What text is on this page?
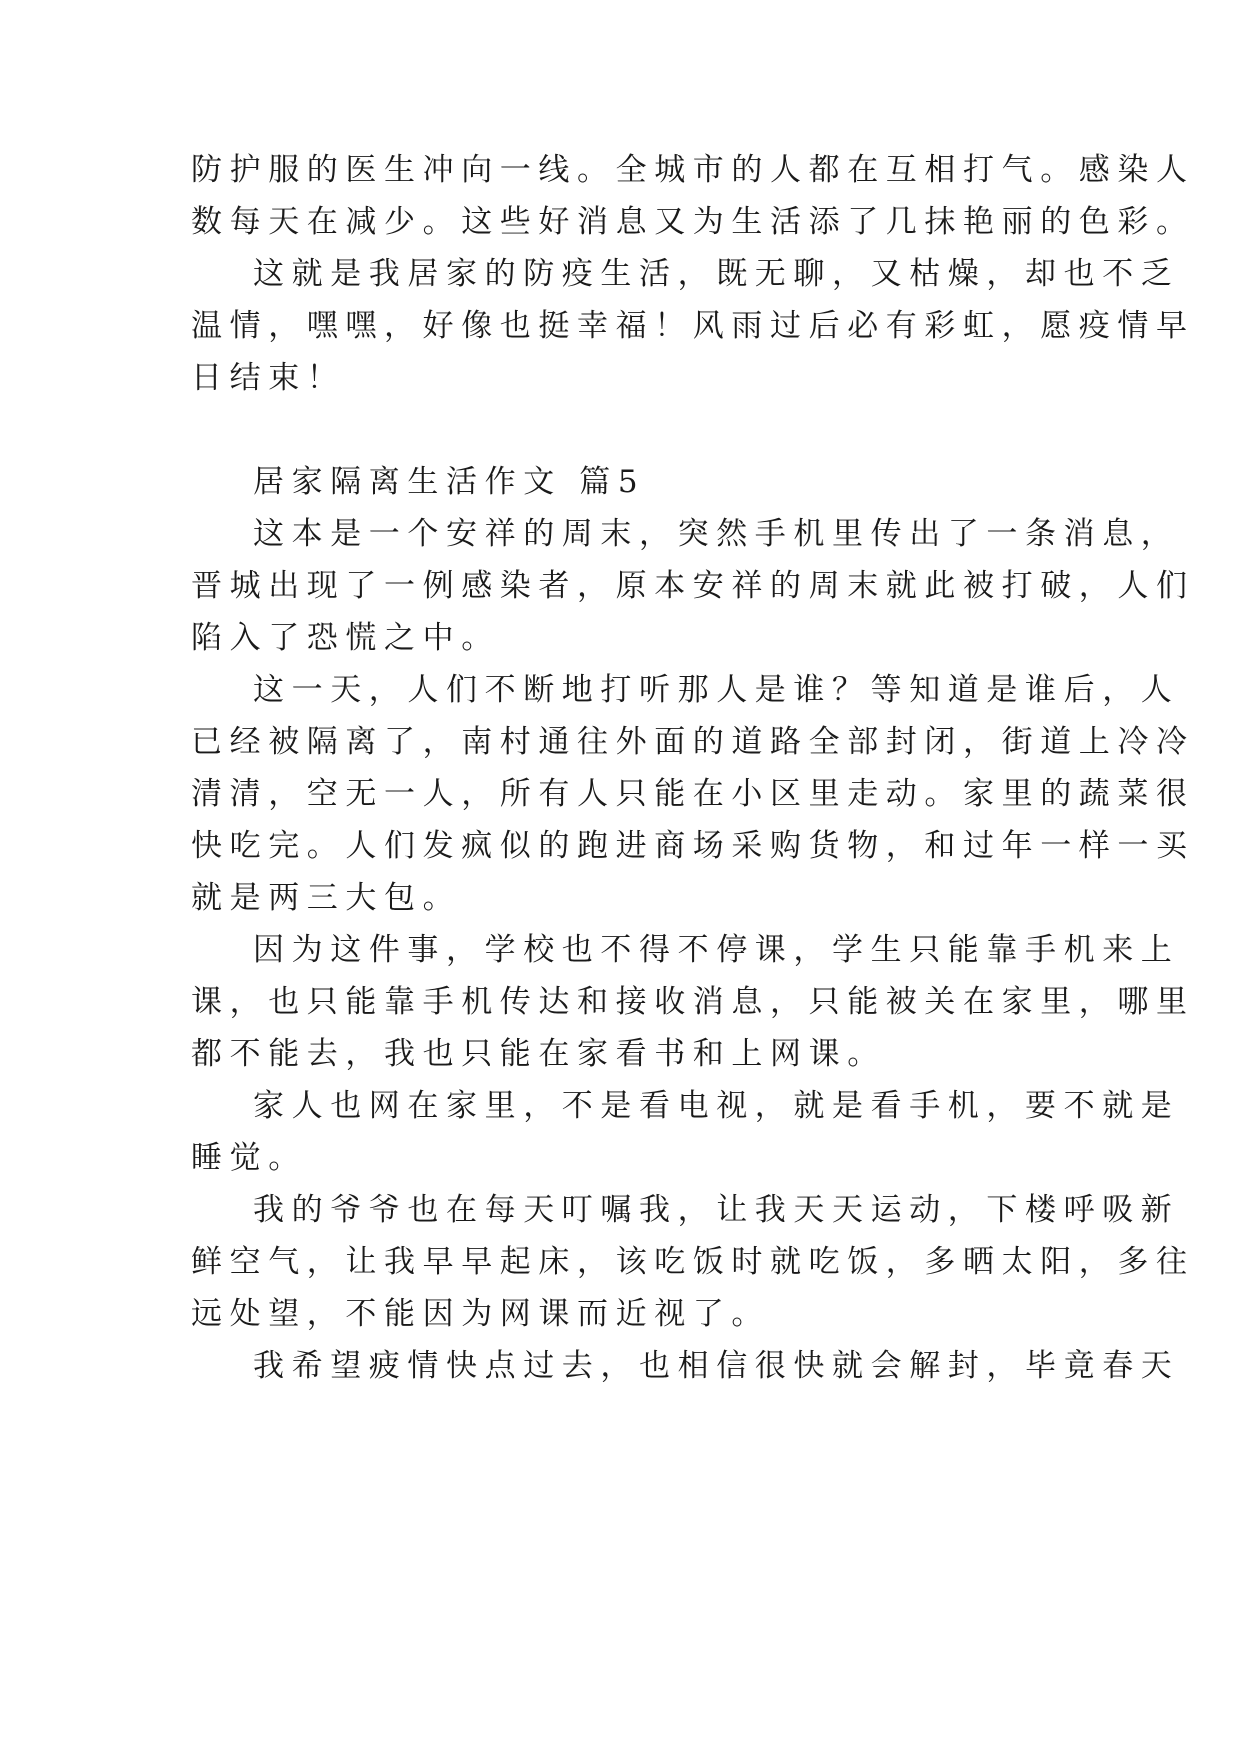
防护服的医生冲向一线。全城市的人都在互相打气。感染人
数每天在减少。这些好消息又为生活添了几抹艳丽的色彩。
这就是我居家的防疫生活，既无聊，又枯燥，却也不乏
温情，嘿嘿，好像也挺幸福！风雨过后必有彩虹，愿疫情早
日结束！
居家隔离生活作文 篇5
这本是一个安祥的周末，突然手机里传出了一条消息，
晋城出现了一例感染者，原本安祥的周末就此被打破，人们
陷入了恐慌之中。
这一天，人们不断地打听那人是谁？等知道是谁后，人
已经被隔离了，南村通往外面的道路全部封闭，街道上冷冷
清清，空无一人，所有人只能在小区里走动。家里的蔬菜很
快吃完。人们发疯似的跑进商场采购货物，和过年一样一买
就是两三大包。
因为这件事，学校也不得不停课，学生只能靠手机来上
课，也只能靠手机传达和接收消息，只能被关在家里，哪里
都不能去，我也只能在家看书和上网课。
家人也网在家里，不是看电视，就是看手机，要不就是
睡觉。
我的爷爷也在每天叮嘱我，让我天天运动，下楼呼吸新
鲜空气，让我早早起床，该吃饭时就吃饭，多晒太阳，多往
远处望，不能因为网课而近视了。
我希望疲情快点过去，也相信很快就会解封，毕竟春天
